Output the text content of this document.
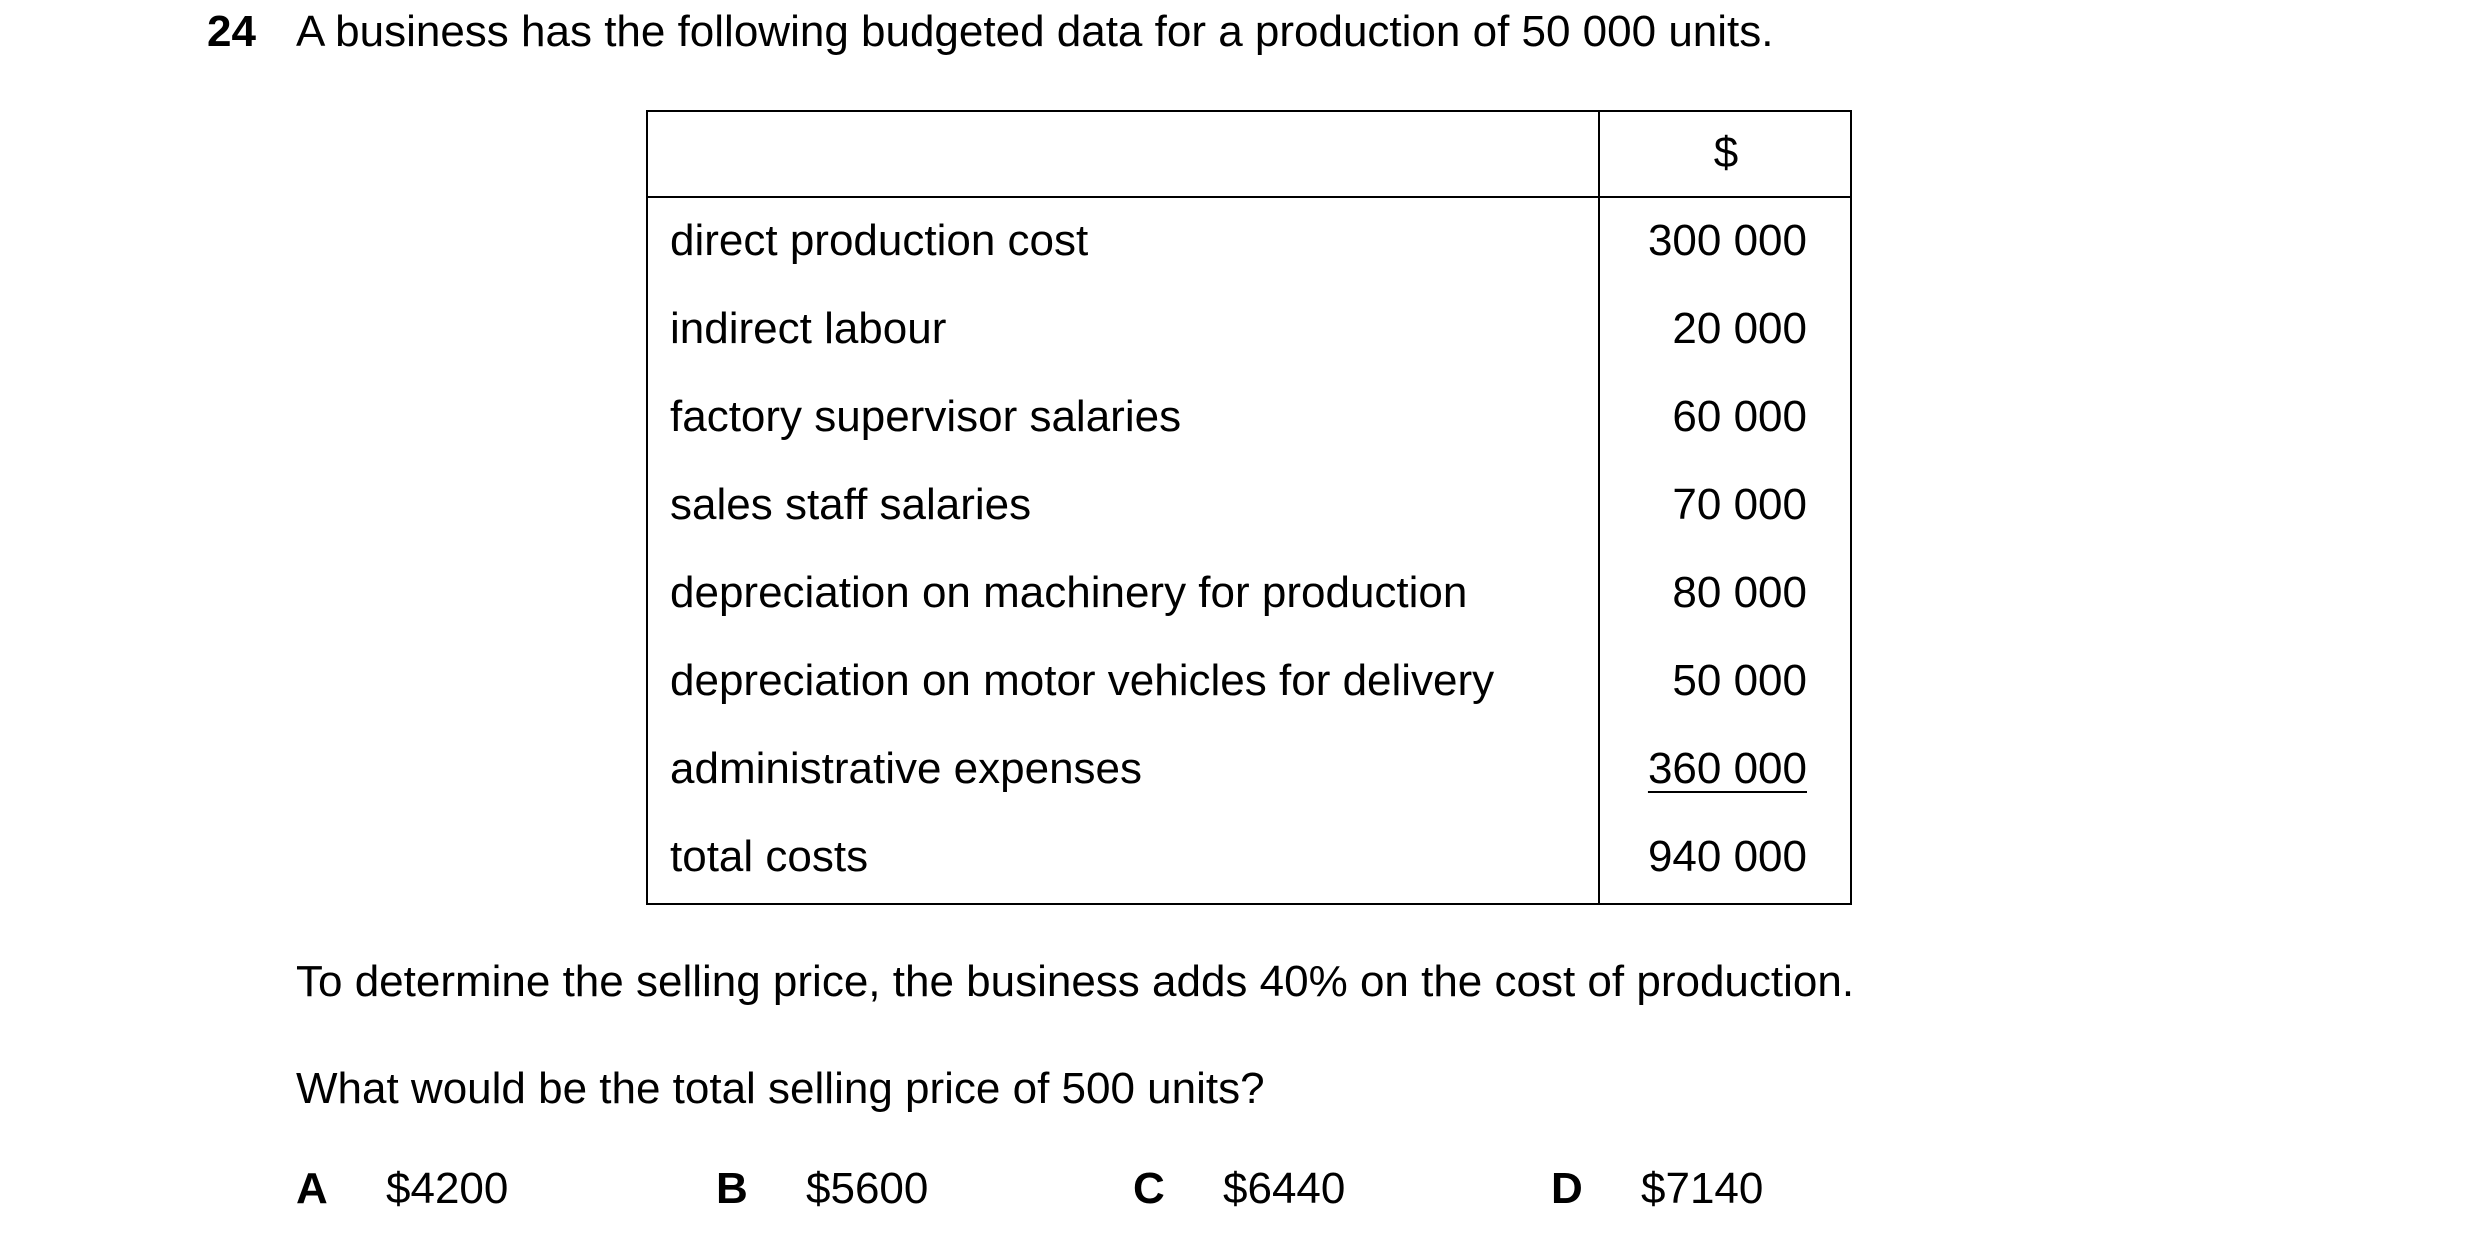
24 A business has the following budgeted data for a production of 50 000 units.
$
direct production cost	300 000
indirect labour	20 000
factory supervisor salaries	60 000
sales staff salaries	70 000
depreciation on machinery for production	80 000
depreciation on motor vehicles for delivery	50 000
administrative expenses	360 000
total costs	940 000
To determine the selling price, the business adds 40% on the cost of production.
What would be the total selling price of 500 units?
A $4200	B $5600	C $6440	D $7140
